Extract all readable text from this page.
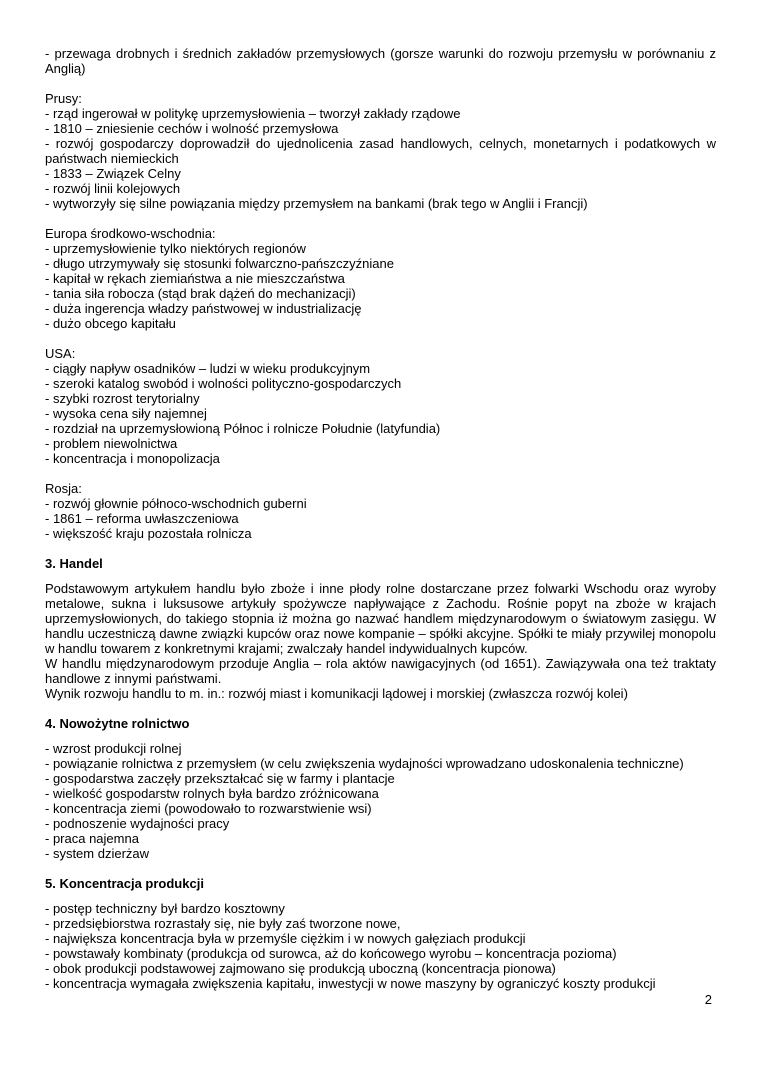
- przewaga drobnych i średnich zakładów przemysłowych (gorsze warunki do rozwoju przemysłu w porównaniu z Anglią)

Prusy:
- rząd ingerował w politykę uprzemysłowienia – tworzył zakłady rządowe
- 1810 – zniesienie cechów i wolność przemysłowa
- rozwój gospodarczy doprowadził do ujednolicenia zasad handlowych, celnych, monetarnych i podatkowych w państwach niemieckich
- 1833 – Związek Celny
- rozwój linii kolejowych
- wytworzyły się silne powiązania między przemysłem na bankami (brak tego w Anglii i Francji)
Europa środkowo-wschodnia:
- uprzemysłowienie tylko niektórych regionów
- długo utrzymywały się stosunki folwarczno-pańszczyźniane
- kapitał w rękach ziemiaństwa a nie mieszczaństwa
- tania siła robocza (stąd brak dążeń do mechanizacji)
- duża ingerencja władzy państwowej w industrializację
- dużo obcego kapitału
USA:
- ciągły napływ osadników – ludzi w wieku produkcyjnym
- szeroki katalog swobód i wolności polityczno-gospodarczych
- szybki rozrost terytorialny
- wysoka cena siły najemnej
- rozdział na uprzemysłowioną Północ i rolnicze Południe (latyfundia)
- problem niewolnictwa
- koncentracja i monopolizacja
Rosja:
- rozwój głownie północo-wschodnich guberni
- 1861 – reforma uwłaszczeniowa
- większość kraju pozostała rolnicza
3. Handel

Podstawowym artykułem handlu było zboże i inne płody rolne dostarczane przez folwarki Wschodu oraz wyroby metalowe, sukna i luksusowe artykuły spożywcze napływające z Zachodu. Rośnie popyt na zboże w krajach uprzemysłowionych, do takiego stopnia iż można go nazwać handlem międzynarodowym o światowym zasięgu. W handlu uczestniczą dawne związki kupców oraz nowe kompanie – spółki akcyjne. Spółki te miały przywilej monopolu w handlu towarem z konkretnymi krajami; zwalczały handel indywidualnych kupców.

W handlu międzynarodowym przoduje Anglia – rola aktów nawigacyjnych (od 1651). Zawiązywała ona też traktaty handlowe z innymi państwami.

Wynik rozwoju handlu to m. in.: rozwój miast i komunikacji lądowej i morskiej (zwłaszcza rozwój kolei)

4. Nowożytne rolnictwo
- wzrost produkcji rolnej
- powiązanie rolnictwa z przemysłem (w celu zwiększenia wydajności wprowadzano udoskonalenia techniczne)
- gospodarstwa zaczęły przekształcać się w farmy i plantacje
- wielkość gospodarstw rolnych była bardzo zróżnicowana
- koncentracja ziemi (powodowało to rozwarstwienie wsi)
- podnoszenie wydajności pracy
- praca najemna
- system dzierżaw
5. Koncentracja produkcji
- postęp techniczny był bardzo kosztowny
- przedsiębiorstwa rozrastały się, nie były zaś tworzone nowe,
- największa koncentracja była w przemyśle ciężkim i w nowych gałęziach produkcji
- powstawały kombinaty (produkcja od surowca, aż do końcowego wyrobu – koncentracja pozioma)
- obok produkcji podstawowej zajmowano się produkcją uboczną (koncentracja pionowa)
- koncentracja wymagała zwiększenia kapitału, inwestycji w nowe maszyny by ograniczyć koszty produkcji
2
